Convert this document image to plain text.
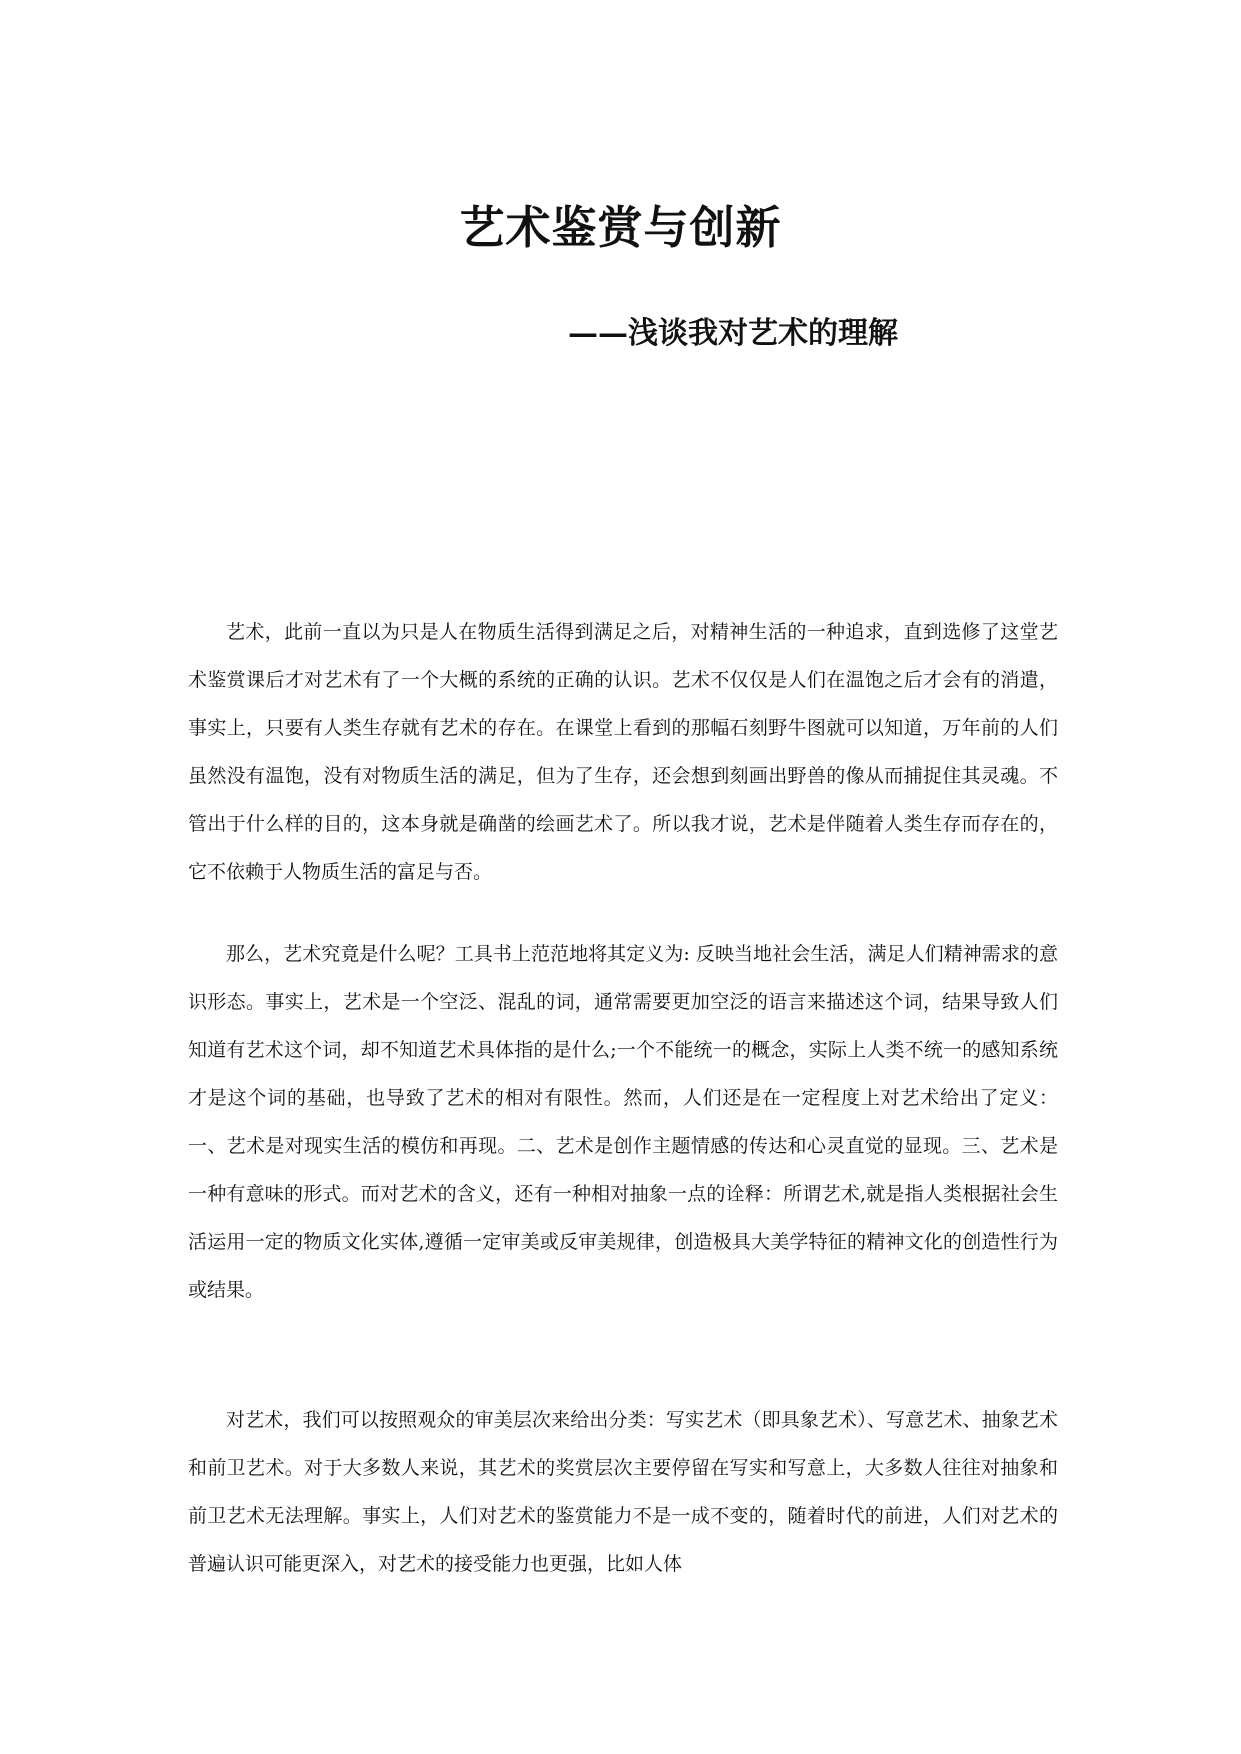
艺术鉴赏与创新
——浅谈我对艺术的理解

艺术，此前一直以为只是人在物质生活得到满足之后，对精神生活的一种追求，直到选修了这堂艺术鉴赏课后才对艺术有了一个大概的系统的正确的认识。艺术不仅仅是人们在温饱之后才会有的消遣，事实上，只要有人类生存就有艺术的存在。在课堂上看到的那幅石刻野牛图就可以知道，万年前的人们虽然没有温饱，没有对物质生活的满足，但为了生存，还会想到刻画出野兽的像从而捕捉住其灵魂。不管出于什么样的目的，这本身就是确凿的绘画艺术了。所以我才说，艺术是伴随着人类生存而存在的，它不依赖于人物质生活的富足与否。

那么，艺术究竟是什么呢？工具书上范范地将其定义为: 反映当地社会生活，满足人们精神需求的意识形态。事实上，艺术是一个空泛、混乱的词，通常需要更加空泛的语言来描述这个词，结果导致人们知道有艺术这个词，却不知道艺术具体指的是什么;一个不能统一的概念，实际上人类不统一的感知系统才是这个词的基础，也导致了艺术的相对有限性。然而，人们还是在一定程度上对艺术给出了定义：一、艺术是对现实生活的模仿和再现。二、艺术是创作主题情感的传达和心灵直觉的显现。三、艺术是一种有意味的形式。而对艺术的含义，还有一种相对抽象一点的诠释：所谓艺术,就是指人类根据社会生活运用一定的物质文化实体,遵循一定审美或反审美规律，创造极具大美学特征的精神文化的创造性行为或结果。

对艺术，我们可以按照观众的审美层次来给出分类：写实艺术（即具象艺术）、写意艺术、抽象艺术和前卫艺术。对于大多数人来说，其艺术的奖赏层次主要停留在写实和写意上，大多数人往往对抽象和前卫艺术无法理解。事实上，人们对艺术的鉴赏能力不是一成不变的，随着时代的前进，人们对艺术的普遍认识可能更深入，对艺术的接受能力也更强，比如人体
